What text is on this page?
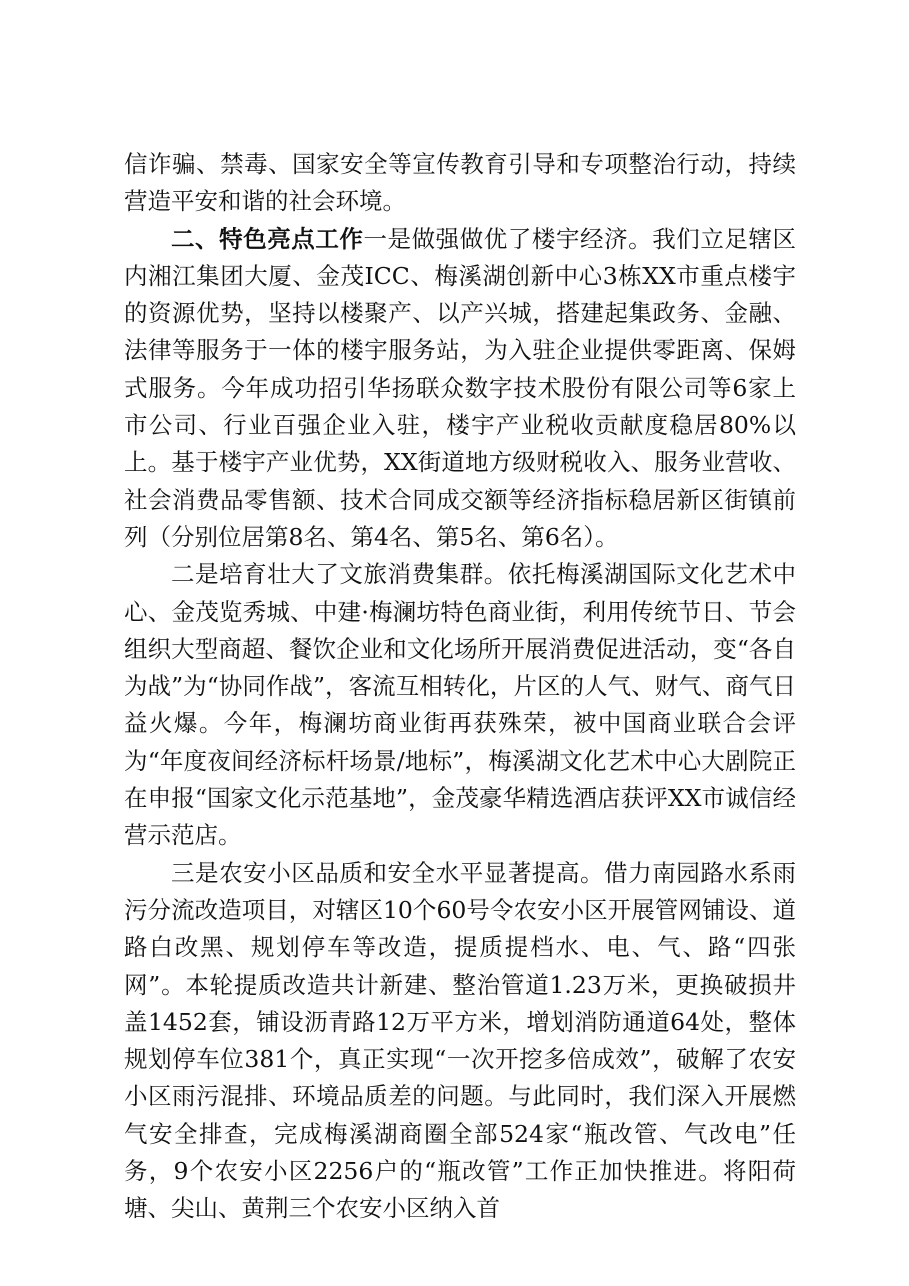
信诈骗、禁毒、国家安全等宣传教育引导和专项整治行动，持续营造平安和谐的社会环境。

二、特色亮点工作一是做强做优了楼宇经济。我们立足辖区内湘江集团大厦、金茂ICC、梅溪湖创新中心3栋XX市重点楼宇的资源优势，坚持以楼聚产、以产兴城，搭建起集政务、金融、法律等服务于一体的楼宇服务站，为入驻企业提供零距离、保姆式服务。今年成功招引华扬联众数字技术股份有限公司等6家上市公司、行业百强企业入驻，楼宇产业税收贡献度稳居80%以上。基于楼宇产业优势，XX街道地方级财税收入、服务业营收、社会消费品零售额、技术合同成交额等经济指标稳居新区街镇前列（分别位居第8名、第4名、第5名、第6名）。

二是培育壮大了文旅消费集群。依托梅溪湖国际文化艺术中心、金茂览秀城、中建·梅澜坊特色商业街，利用传统节日、节会组织大型商超、餐饮企业和文化场所开展消费促进活动，变“各自为战”为“协同作战”，客流互相转化，片区的人气、财气、商气日益火爆。今年，梅澜坊商业街再获殊荣，被中国商业联合会评为“年度夜间经济标杆场景/地标”，梅溪湖文化艺术中心大剧院正在申报“国家文化示范基地”，金茂豪华精选酒店获评XX市诚信经营示范店。

三是农安小区品质和安全水平显著提高。借力南园路水系雨污分流改造项目，对辖区10个60号令农安小区开展管网铺设、道路白改黑、规划停车等改造，提质提档水、电、气、路“四张网”。本轮提质改造共计新建、整治管道1.23万米，更换破损井盖1452套，铺设沥青路12万平方米，增划消防通道64处，整体规划停车位381个，真正实现“一次开挖多倍成效”，破解了农安小区雨污混排、环境品质差的问题。与此同时，我们深入开展燃气安全排查，完成梅溪湖商圈全部524家“瓶改管、气改电”任务，9个农安小区2256户的“瓶改管”工作正加快推进。将阳荷塘、尖山、黄荆三个农安小区纳入首
